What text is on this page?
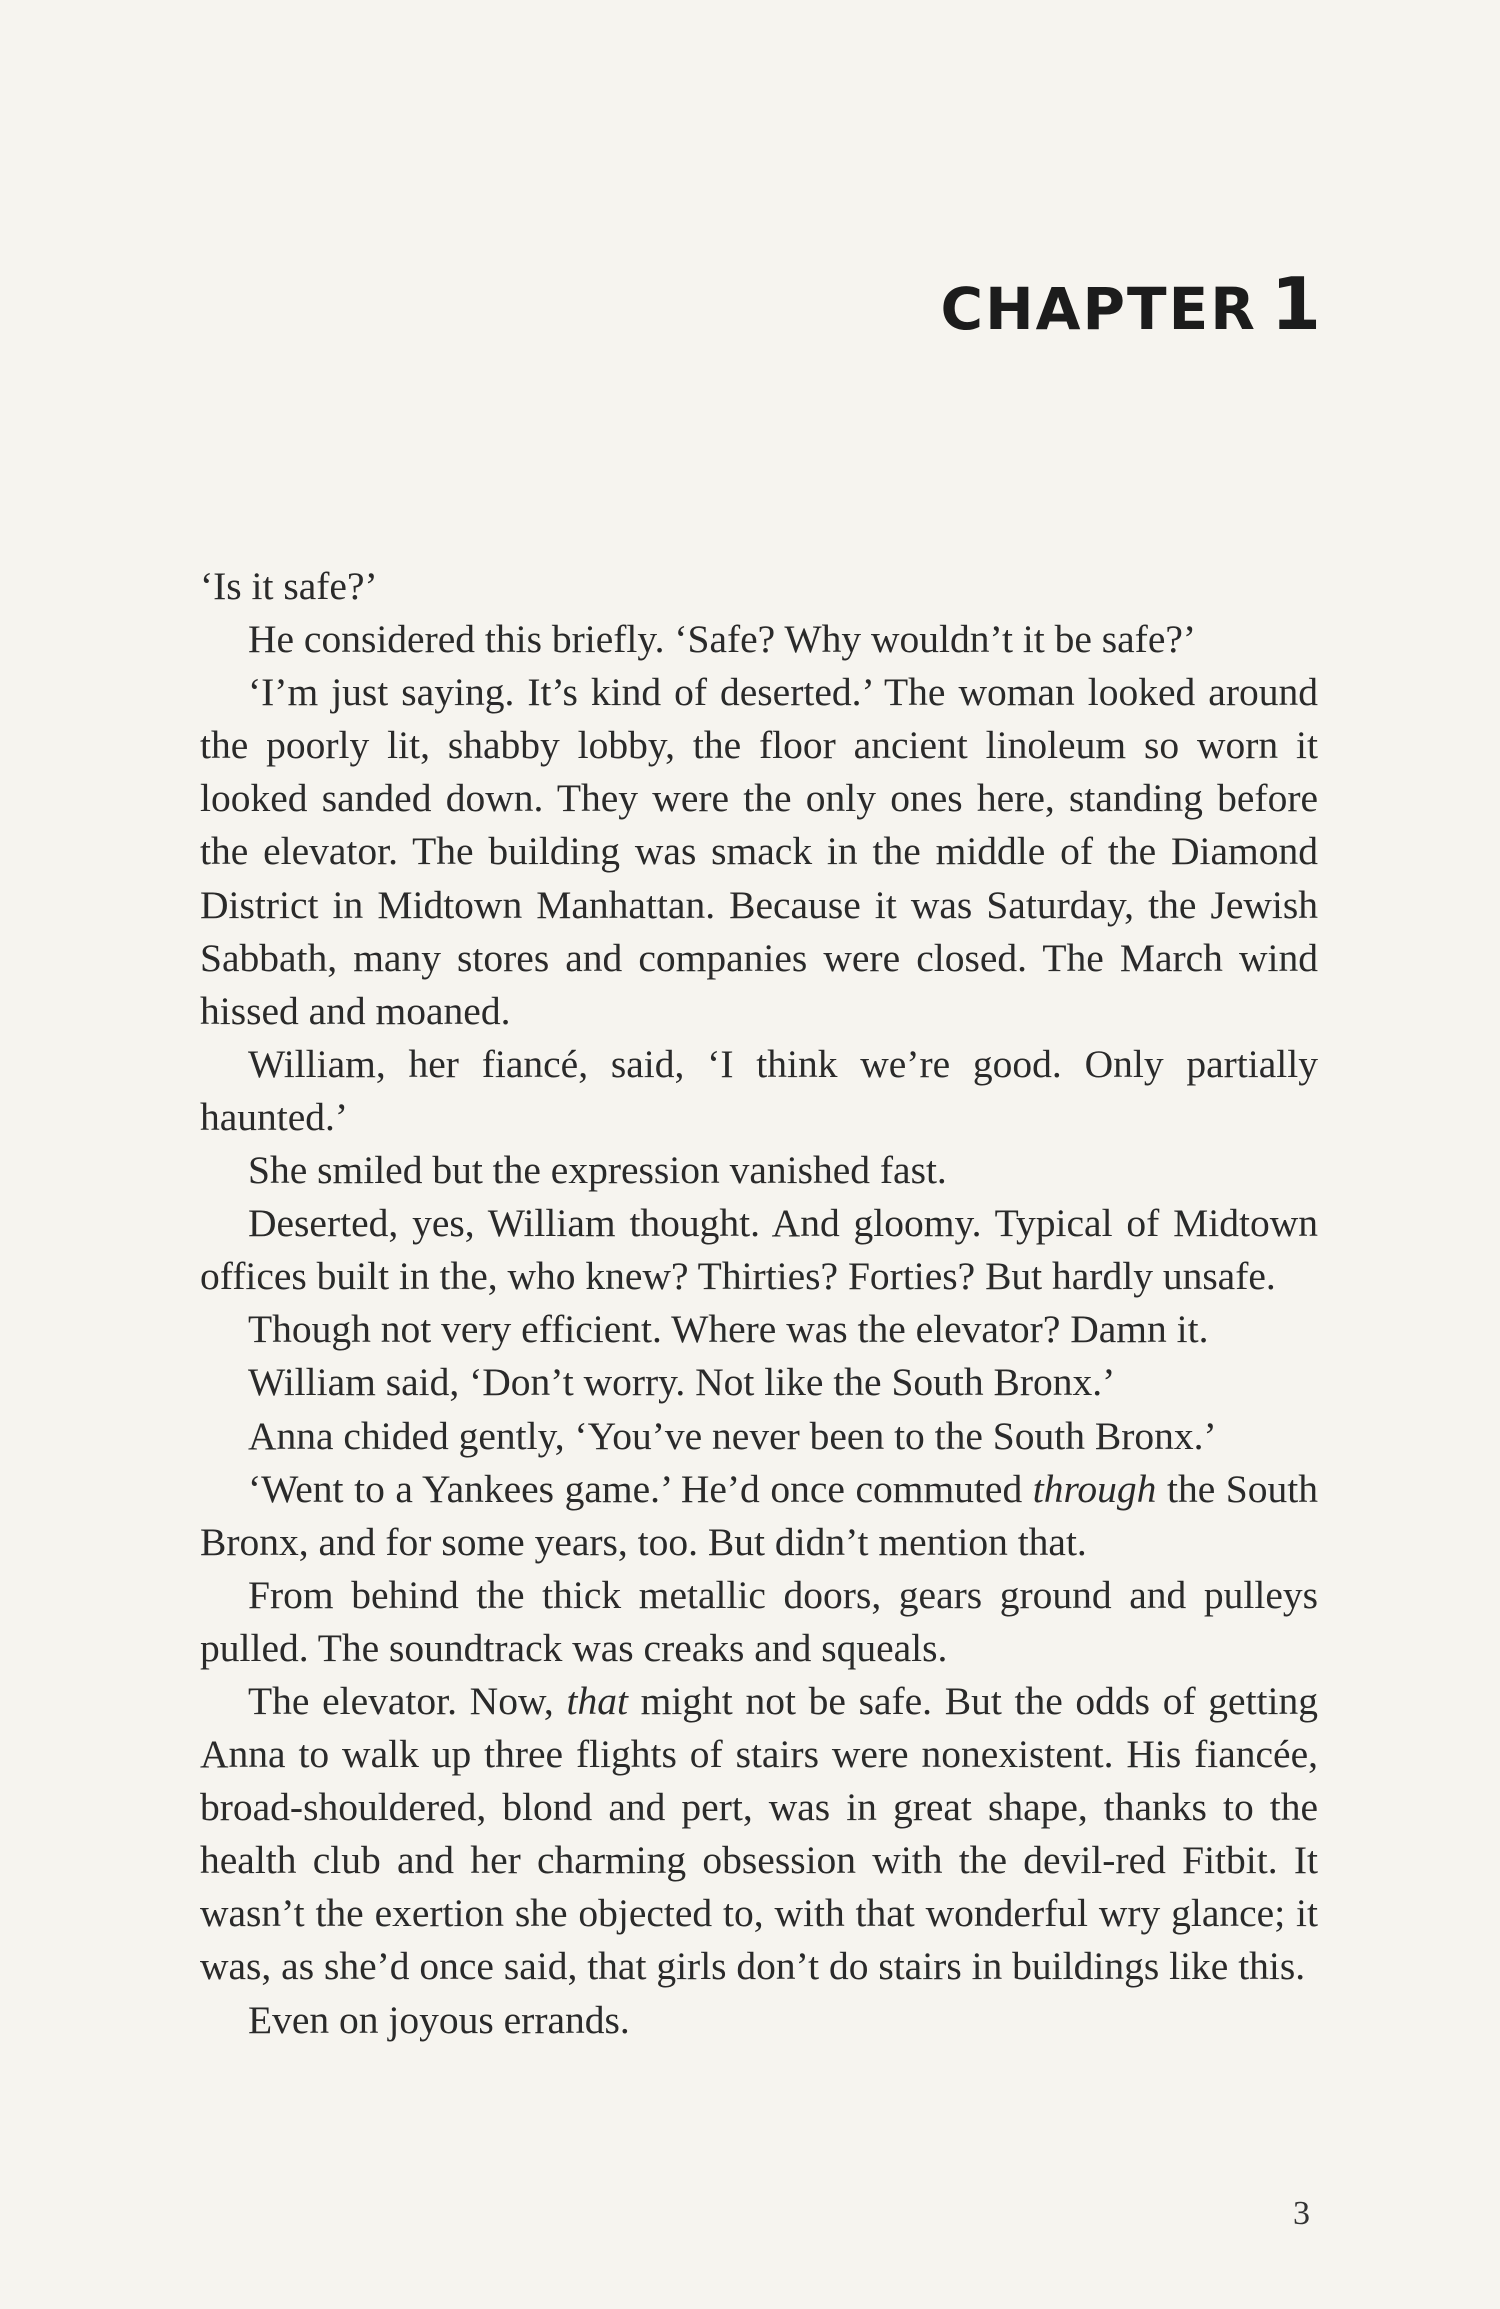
CHAPTER 1

‘Is it safe?’

He considered this briefly. ‘Safe? Why wouldn’t it be safe?’

‘I’m just saying. It’s kind of deserted.’ The woman looked around the poorly lit, shabby lobby, the floor ancient linoleum so worn it looked sanded down. They were the only ones here, standing before the elevator. The building was smack in the middle of the Diamond District in Midtown Manhattan. Because it was Saturday, the Jewish Sabbath, many stores and companies were closed. The March wind hissed and moaned.

William, her fiancé, said, ‘I think we’re good. Only partially haunted.’

She smiled but the expression vanished fast.

Deserted, yes, William thought. And gloomy. Typical of Midtown offices built in the, who knew? Thirties? Forties? But hardly unsafe.

Though not very efficient. Where was the elevator? Damn it.

William said, ‘Don’t worry. Not like the South Bronx.’

Anna chided gently, ‘You’ve never been to the South Bronx.’

‘Went to a Yankees game.’ He’d once commuted through the South Bronx, and for some years, too. But didn’t mention that.

From behind the thick metallic doors, gears ground and pulleys pulled. The soundtrack was creaks and squeals.

The elevator. Now, that might not be safe. But the odds of getting Anna to walk up three flights of stairs were nonexistent. His fiancée, broad-shouldered, blond and pert, was in great shape, thanks to the health club and her charming obsession with the devil-red Fitbit. It wasn’t the exertion she objected to, with that wonderful wry glance; it was, as she’d once said, that girls don’t do stairs in buildings like this.

Even on joyous errands.

3
